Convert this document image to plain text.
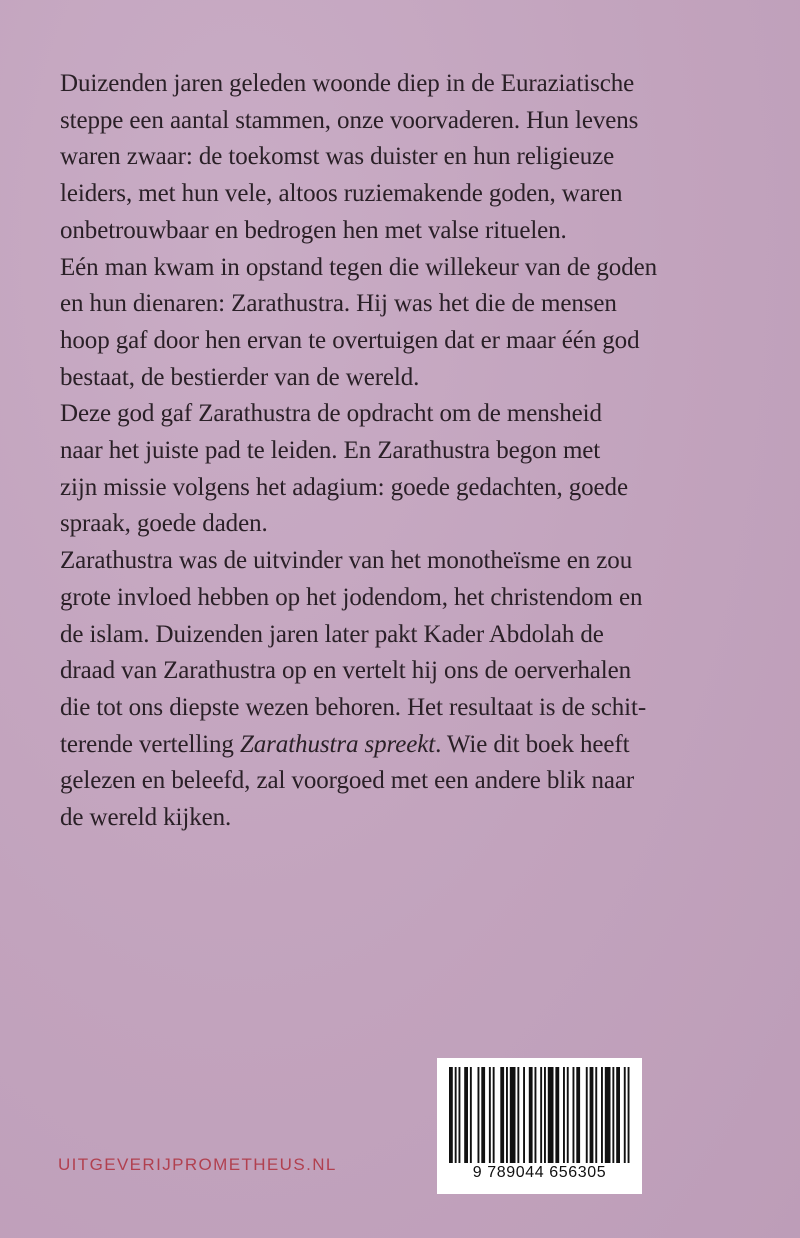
Duizenden jaren geleden woonde diep in de Euraziatische
steppe een aantal stammen, onze voorvaderen. Hun levens
waren zwaar: de toekomst was duister en hun religieuze
leiders, met hun vele, altoos ruziemakende goden, waren
onbetrouwbaar en bedrogen hen met valse rituelen.
Eén man kwam in opstand tegen die willekeur van de goden
en hun dienaren: Zarathustra. Hij was het die de mensen
hoop gaf door hen ervan te overtuigen dat er maar één god
bestaat, de bestierder van de wereld.
Deze god gaf Zarathustra de opdracht om de mensheid
naar het juiste pad te leiden. En Zarathustra begon met
zijn missie volgens het adagium: goede gedachten, goede
spraak, goede daden.
Zarathustra was de uitvinder van het monotheïsme en zou
grote invloed hebben op het jodendom, het christendom en
de islam. Duizenden jaren later pakt Kader Abdolah de
draad van Zarathustra op en vertelt hij ons de oerverhalen
die tot ons diepste wezen behoren. Het resultaat is de schit-
terende vertelling Zarathustra spreekt. Wie dit boek heeft
gelezen en beleefd, zal voorgoed met een andere blik naar
de wereld kijken.
UITGEVERIJPROMETHEUS.NL	9 789044 656305
